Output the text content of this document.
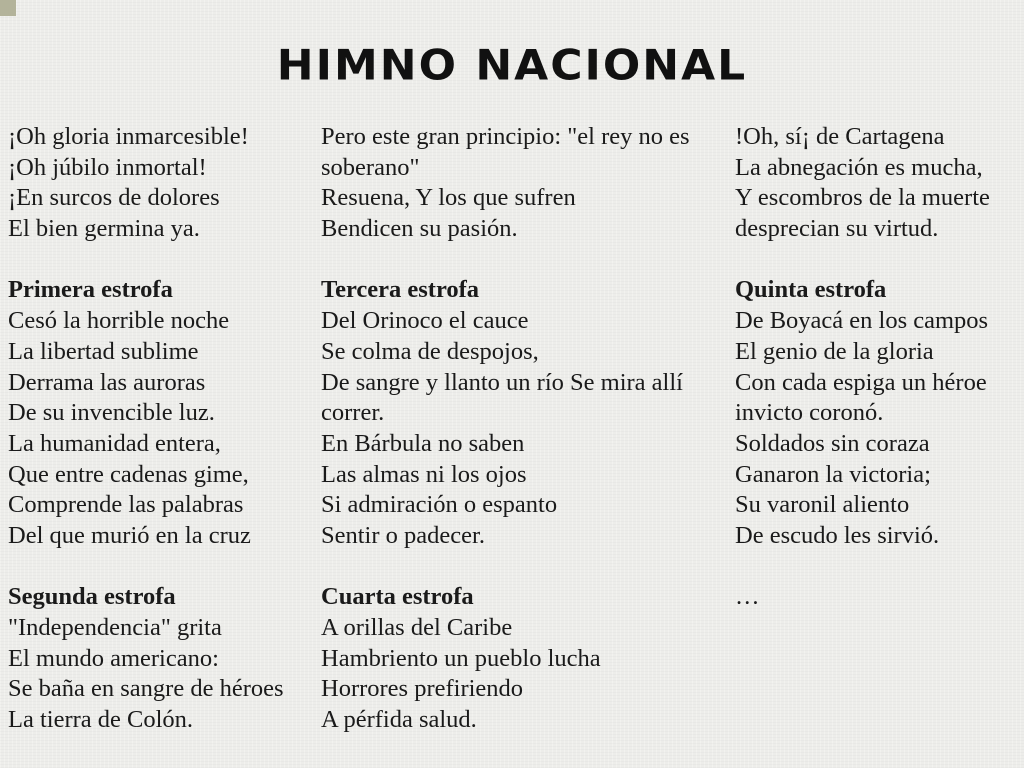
HIMNO NACIONAL
¡Oh gloria inmarcesible!
¡Oh júbilo inmortal!
¡En surcos de dolores
El bien germina ya.
Primera estrofa
Cesó la horrible noche
La libertad sublime
Derrama las auroras
De su invencible luz.
La humanidad entera,
Que entre cadenas gime,
Comprende las palabras
Del que murió en la cruz
Segunda estrofa
"Independencia" grita
El mundo americano:
Se baña en sangre de héroes
La tierra de Colón.
Pero este gran principio: "el rey no es soberano"
Resuena, Y los que sufren
Bendicen su pasión.
Tercera estrofa
Del Orinoco el cauce
Se colma de despojos,
De sangre y llanto un río Se mira allí correr.
En Bárbula no saben
Las almas ni los ojos
Si admiración o espanto
Sentir o padecer.
Cuarta estrofa
A orillas del Caribe
Hambriento un pueblo lucha
Horrores prefiriendo
A pérfida salud.
!Oh, sí¡ de Cartagena
La abnegación es mucha,
Y escombros de la muerte
desprecian su virtud.
Quinta estrofa
De Boyacá en los campos
El genio de la gloria
Con cada espiga un héroe
invicto coronó.
Soldados sin coraza
Ganaron la victoria;
Su varonil aliento
De escudo les sirvió.
…
